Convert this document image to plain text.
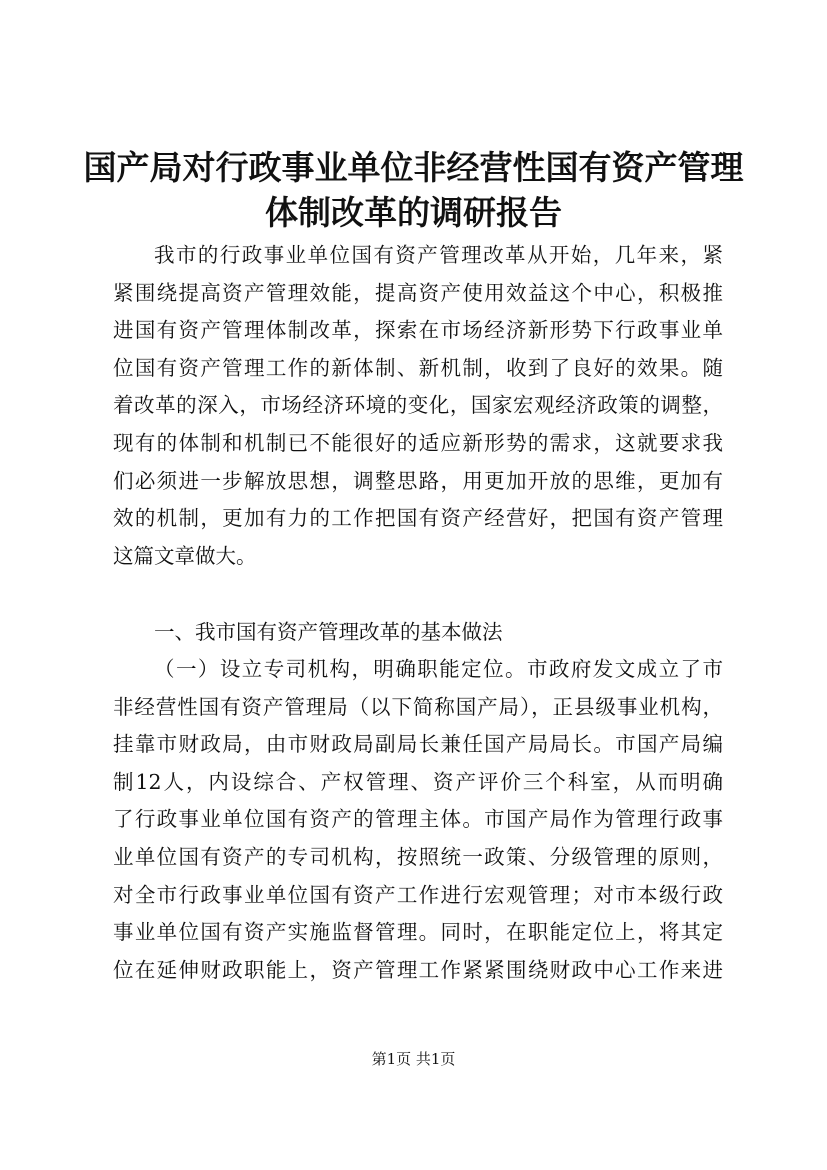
国产局对行政事业单位非经营性国有资产管理
体制改革的调研报告
我市的行政事业单位国有资产管理改革从开始，几年来，紧
紧围绕提高资产管理效能，提高资产使用效益这个中心，积极推
进国有资产管理体制改革，探索在市场经济新形势下行政事业单
位国有资产管理工作的新体制、新机制，收到了良好的效果。随
着改革的深入，市场经济环境的变化，国家宏观经济政策的调整，
现有的体制和机制已不能很好的适应新形势的需求，这就要求我
们必须进一步解放思想，调整思路，用更加开放的思维，更加有
效的机制，更加有力的工作把国有资产经营好，把国有资产管理
这篇文章做大。
一、我市国有资产管理改革的基本做法
（一）设立专司机构，明确职能定位。市政府发文成立了市
非经营性国有资产管理局（以下简称国产局），正县级事业机构，
挂靠市财政局，由市财政局副局长兼任国产局局长。市国产局编
制12人，内设综合、产权管理、资产评价三个科室，从而明确
了行政事业单位国有资产的管理主体。市国产局作为管理行政事
业单位国有资产的专司机构，按照统一政策、分级管理的原则，
对全市行政事业单位国有资产工作进行宏观管理；对市本级行政
事业单位国有资产实施监督管理。同时，在职能定位上，将其定
位在延伸财政职能上，资产管理工作紧紧围绕财政中心工作来进
第1页 共1页
